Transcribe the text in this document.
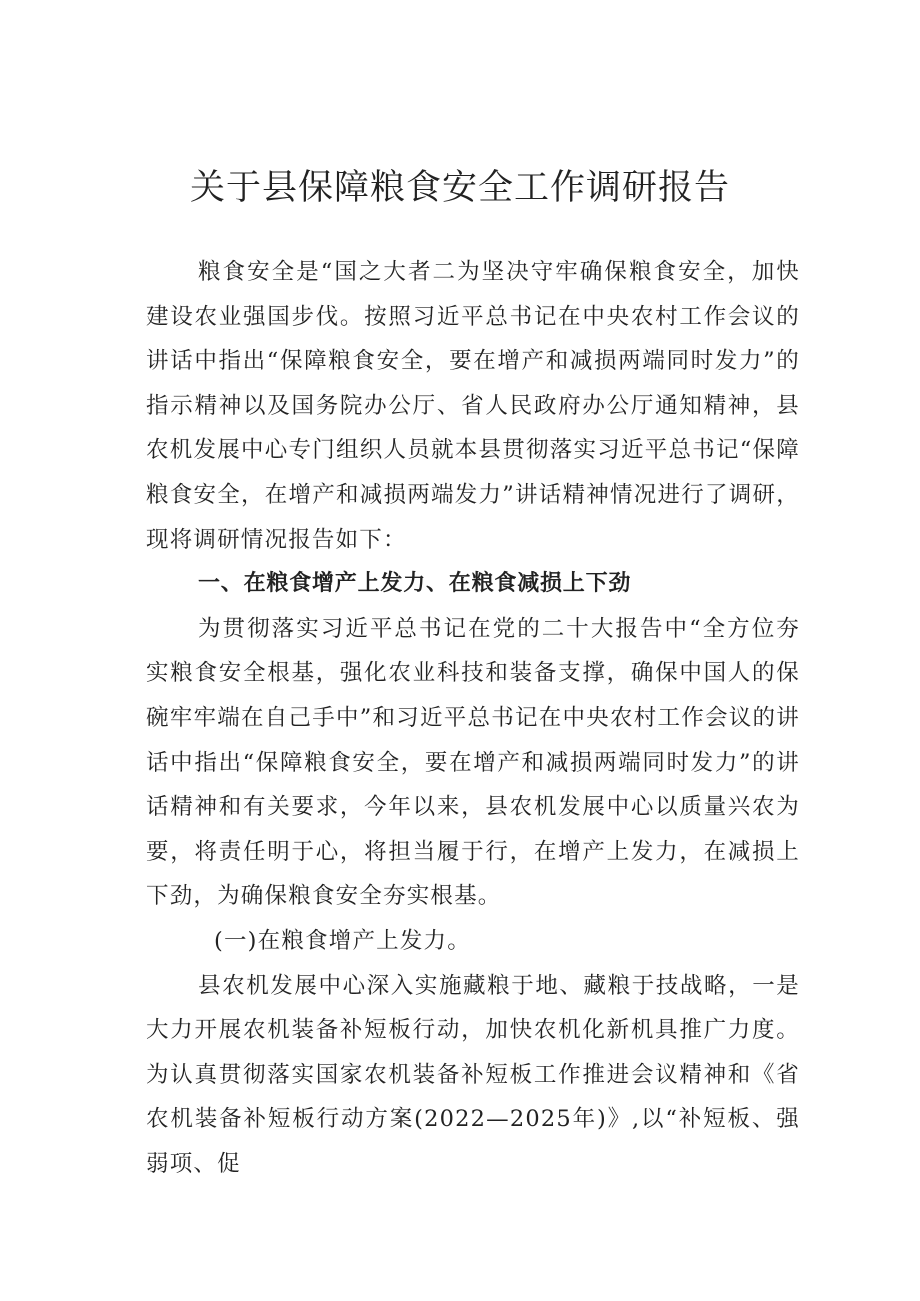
关于县保障粮食安全工作调研报告

粮食安全是“国之大者二为坚决守牢确保粮食安全，加快建设农业强国步伐。按照习近平总书记在中央农村工作会议的讲话中指出“保障粮食安全，要在增产和减损两端同时发力”的指示精神以及国务院办公厅、省人民政府办公厅通知精神，县农机发展中心专门组织人员就本县贯彻落实习近平总书记“保障粮食安全，在增产和减损两端发力”讲话精神情况进行了调研，现将调研情况报告如下：

一、在粮食增产上发力、在粮食减损上下劲

为贯彻落实习近平总书记在党的二十大报告中“全方位夯实粮食安全根基，强化农业科技和装备支撑，确保中国人的保碗牢牢端在自己手中”和习近平总书记在中央农村工作会议的讲话中指出“保障粮食安全，要在增产和减损两端同时发力”的讲话精神和有关要求，今年以来，县农机发展中心以质量兴农为要，将责任明于心，将担当履于行，在增产上发力，在减损上下劲，为确保粮食安全夯实根基。

(一)在粮食增产上发力。

县农机发展中心深入实施藏粮于地、藏粮于技战略，一是大力开展农机装备补短板行动，加快农机化新机具推广力度。为认真贯彻落实国家农机装备补短板工作推进会议精神和《省农机装备补短板行动方案(2022—2025年)》,以“补短板、强弱项、促
